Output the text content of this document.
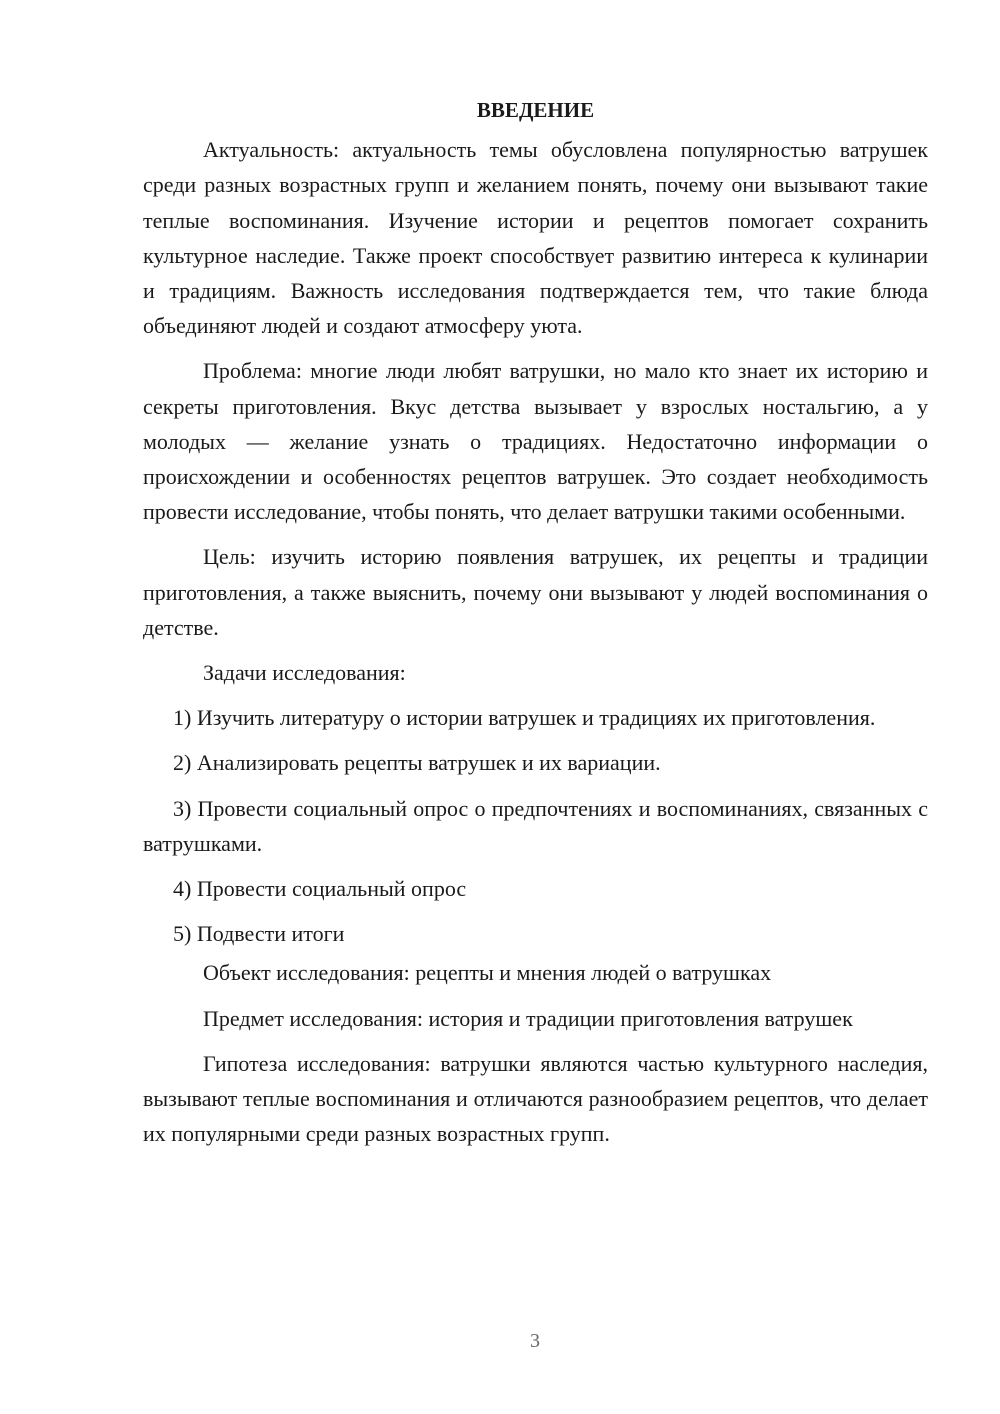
ВВЕДЕНИЕ

Актуальность: актуальность темы обусловлена популярностью ватрушек среди разных возрастных групп и желанием понять, почему они вызывают такие теплые воспоминания. Изучение истории и рецептов помогает сохранить культурное наследие. Также проект способствует развитию интереса к кулинарии и традициям. Важность исследования подтверждается тем, что такие блюда объединяют людей и создают атмосферу уюта.

Проблема: многие люди любят ватрушки, но мало кто знает их историю и секреты приготовления. Вкус детства вызывает у взрослых ностальгию, а у молодых — желание узнать о традициях. Недостаточно информации о происхождении и особенностях рецептов ватрушек. Это создает необходимость провести исследование, чтобы понять, что делает ватрушки такими особенными.

Цель: изучить историю появления ватрушек, их рецепты и традиции приготовления, а также выяснить, почему они вызывают у людей воспоминания о детстве.

Задачи исследования:

1) Изучить литературу о истории ватрушек и традициях их приготовления.

2) Анализировать рецепты ватрушек и их вариации.

3) Провести социальный опрос о предпочтениях и воспоминаниях, связанных с ватрушками.

4) Провести социальный опрос

5) Подвести итоги

Объект исследования: рецепты и мнения людей о ватрушках

Предмет исследования: история и традиции приготовления ватрушек

Гипотеза исследования: ватрушки являются частью культурного наследия, вызывают теплые воспоминания и отличаются разнообразием рецептов, что делает их популярными среди разных возрастных групп.

3
